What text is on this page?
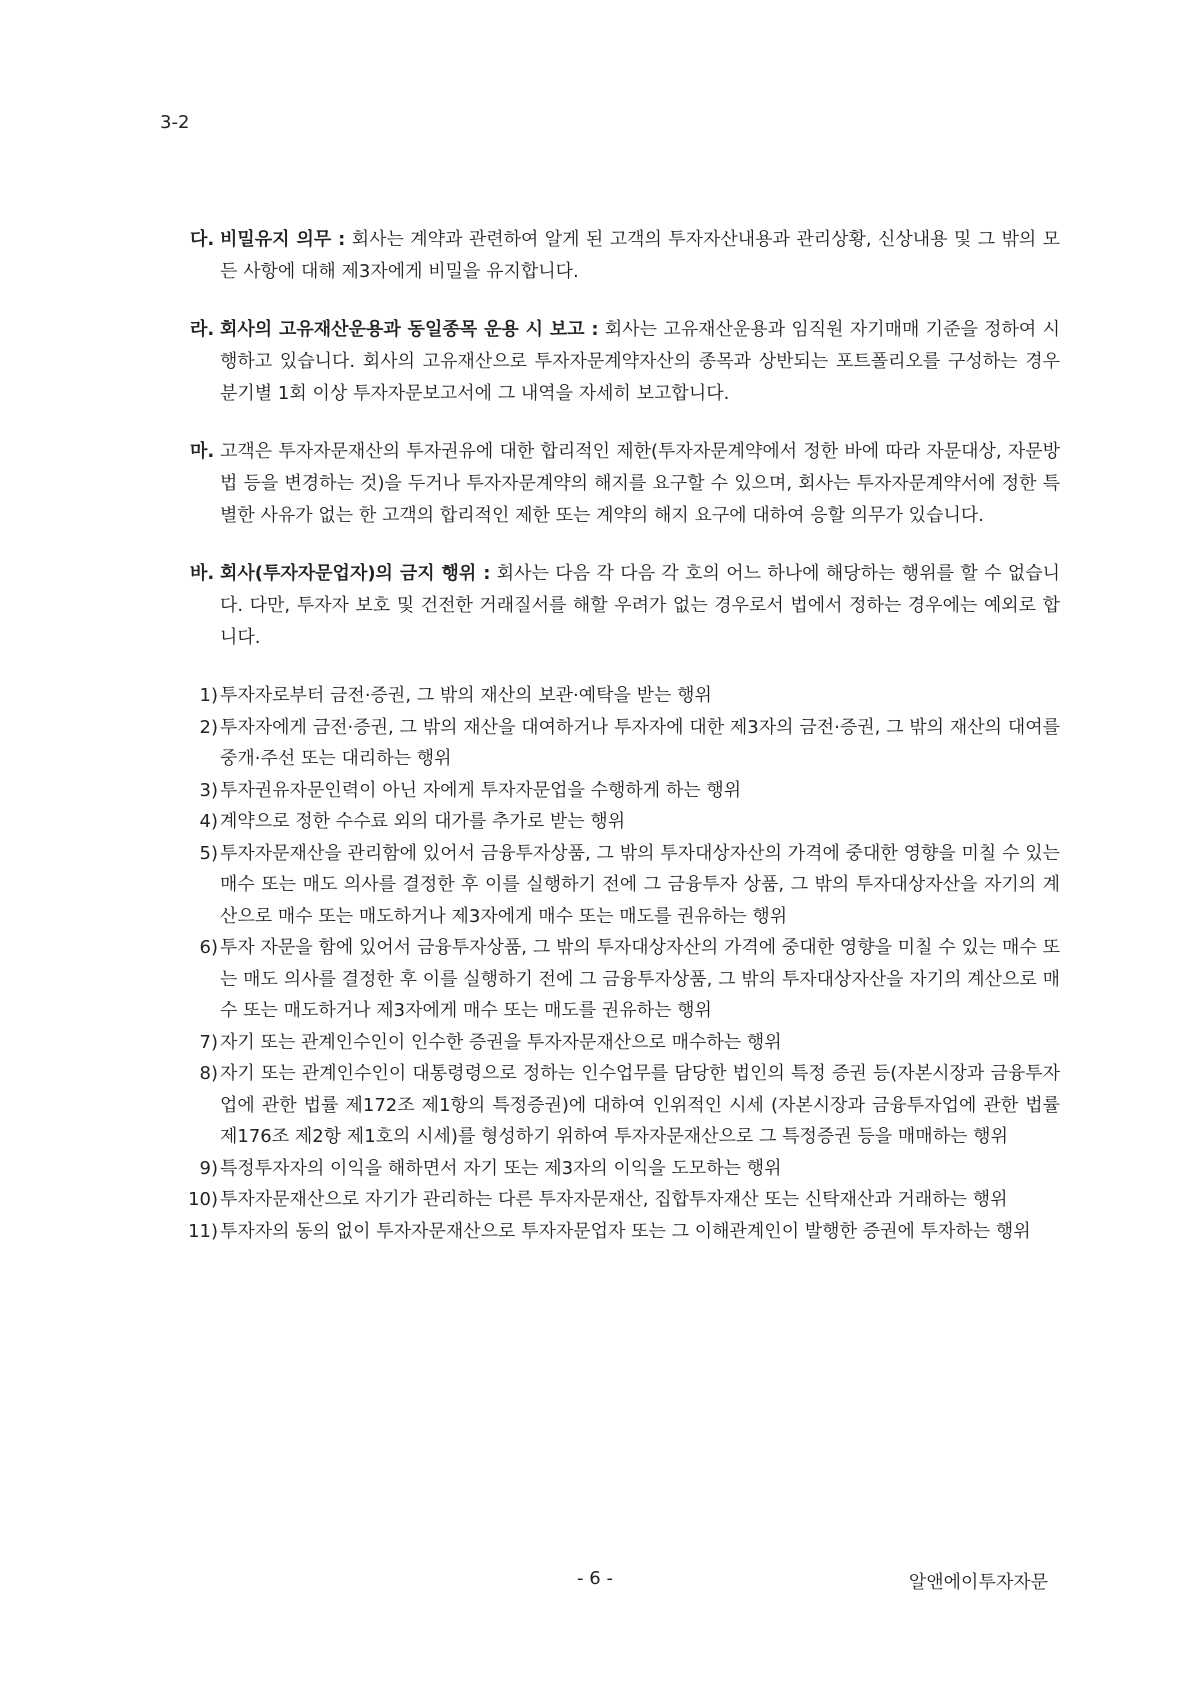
3-2
다. 비밀유지 의무 : 회사는 계약과 관련하여 알게 된 고객의 투자자산내용과 관리상황, 신상내용 및 그 밖의 모든 사항에 대해 제3자에게 비밀을 유지합니다.
라. 회사의 고유재산운용과 동일종목 운용 시 보고 : 회사는 고유재산운용과 임직원 자기매매 기준을 정하여 시행하고 있습니다. 회사의 고유재산으로 투자자문계약자산의 종목과 상반되는 포트폴리오를 구성하는 경우 분기별 1회 이상 투자자문보고서에 그 내역을 자세히 보고합니다.
마. 고객은 투자자문재산의 투자권유에 대한 합리적인 제한(투자자문계약에서 정한 바에 따라 자문대상, 자문방법 등을 변경하는 것)을 두거나 투자자문계약의 해지를 요구할 수 있으며, 회사는 투자자문계약서에 정한 특별한 사유가 없는 한 고객의 합리적인 제한 또는 계약의 해지 요구에 대하여 응할 의무가 있습니다.
바. 회사(투자자문업자)의 금지 행위 : 회사는 다음 각 다음 각 호의 어느 하나에 해당하는 행위를 할 수 없습니다. 다만, 투자자 보호 및 건전한 거래질서를 해할 우려가 없는 경우로서 법에서 정하는 경우에는 예외로 합니다.
1) 투자자로부터 금전·증권, 그 밖의 재산의 보관·예탁을 받는 행위
2) 투자자에게 금전·증권, 그 밖의 재산을 대여하거나 투자자에 대한 제3자의 금전·증권, 그 밖의 재산의 대여를 중개·주선 또는 대리하는 행위
3) 투자권유자문인력이 아닌 자에게 투자자문업을 수행하게 하는 행위
4) 계약으로 정한 수수료 외의 대가를 추가로 받는 행위
5) 투자자문재산을 관리함에 있어서 금융투자상품, 그 밖의 투자대상자산의 가격에 중대한 영향을 미칠 수 있는 매수 또는 매도 의사를 결정한 후 이를 실행하기 전에 그 금융투자 상품, 그 밖의 투자대상자산을 자기의 계산으로 매수 또는 매도하거나 제3자에게 매수 또는 매도를 권유하는 행위
6) 투자 자문을 함에 있어서 금융투자상품, 그 밖의 투자대상자산의 가격에 중대한 영향을 미칠 수 있는 매수 또는 매도 의사를 결정한 후 이를 실행하기 전에 그 금융투자상품, 그 밖의 투자대상자산을 자기의 계산으로 매수 또는 매도하거나 제3자에게 매수 또는 매도를 권유하는 행위
7) 자기 또는 관계인수인이 인수한 증권을 투자자문재산으로 매수하는 행위
8) 자기 또는 관계인수인이 대통령령으로 정하는 인수업무를 담당한 법인의 특정 증권 등(자본시장과 금융투자업에 관한 법률 제172조 제1항의 특정증권)에 대하여 인위적인 시세 (자본시장과 금융투자업에 관한 법률 제176조 제2항 제1호의 시세)를 형성하기 위하여 투자자문재산으로 그 특정증권 등을 매매하는 행위
9) 특정투자자의 이익을 해하면서 자기 또는 제3자의 이익을 도모하는 행위
10) 투자자문재산으로 자기가 관리하는 다른 투자자문재산, 집합투자재산 또는 신탁재산과 거래하는 행위
11) 투자자의 동의 없이 투자자문재산으로 투자자문업자 또는 그 이해관계인이 발행한 증권에 투자하는 행위
- 6 -	알앤에이투자자문
